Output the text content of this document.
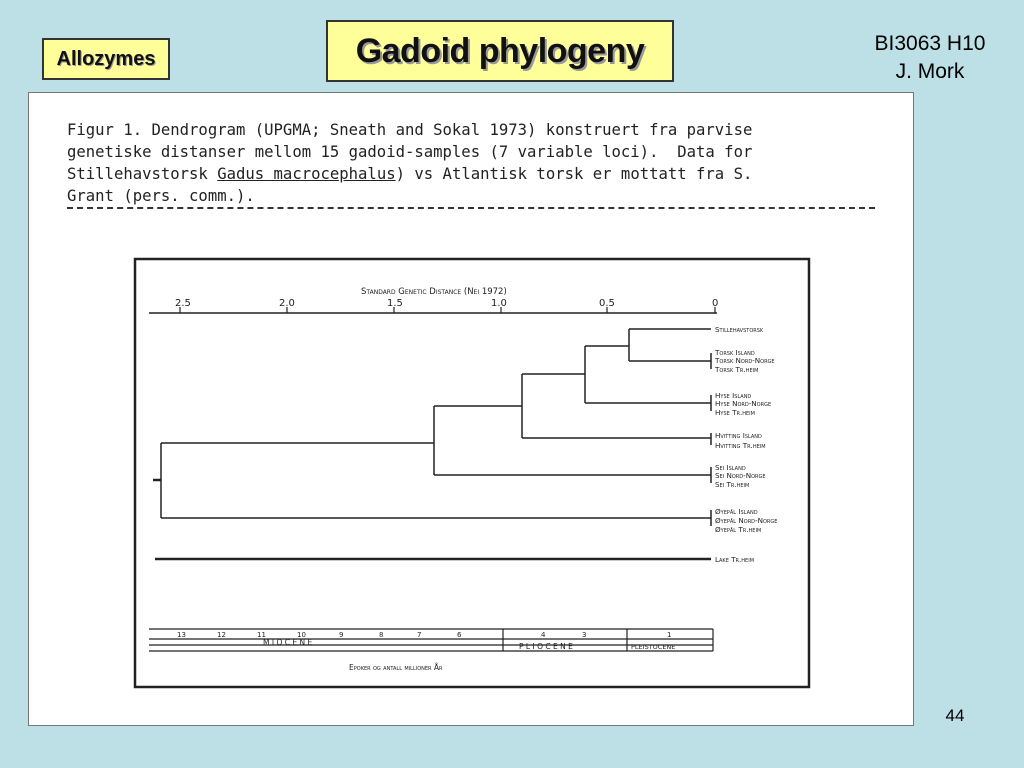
Allozymes	Gadoid phylogeny	BI3063 H10
J. Mork
44
Figur 1. Dendrogram (UPGMA; Sneath and Sokal 1973) konstruert fra parvise
genetiske distanser mellom 15 gadoid-samples (7 variable loci).  Data for
Stillehavstorsk Gadus macrocephalus) vs Atlantisk torsk er mottatt fra S.
Grant (pers. comm.).
Standard Genetic Distance (Nei 1972)
2.5	2.0	1.5	1.0	0.5	0
Stillehavstorsk
Torsk Island
Torsk Nord-Norge
Torsk Tr.heim
Hyse Island
Hyse Nord-Norge
Hyse Tr.heim
Hvitting Island
Hvitting Tr.heim
Sei Island
Sei Nord-Norge
Sei Tr.heim
Øyepål Island
Øyepål Nord-Norge
Øyepål Tr.heim
Lake Tr.heim
13	12	11	10	9	8	7	6	4	3	1
M I O C E N E	P L I O C E N E	PLEISTOCENE
Epoker og antall millioner År
